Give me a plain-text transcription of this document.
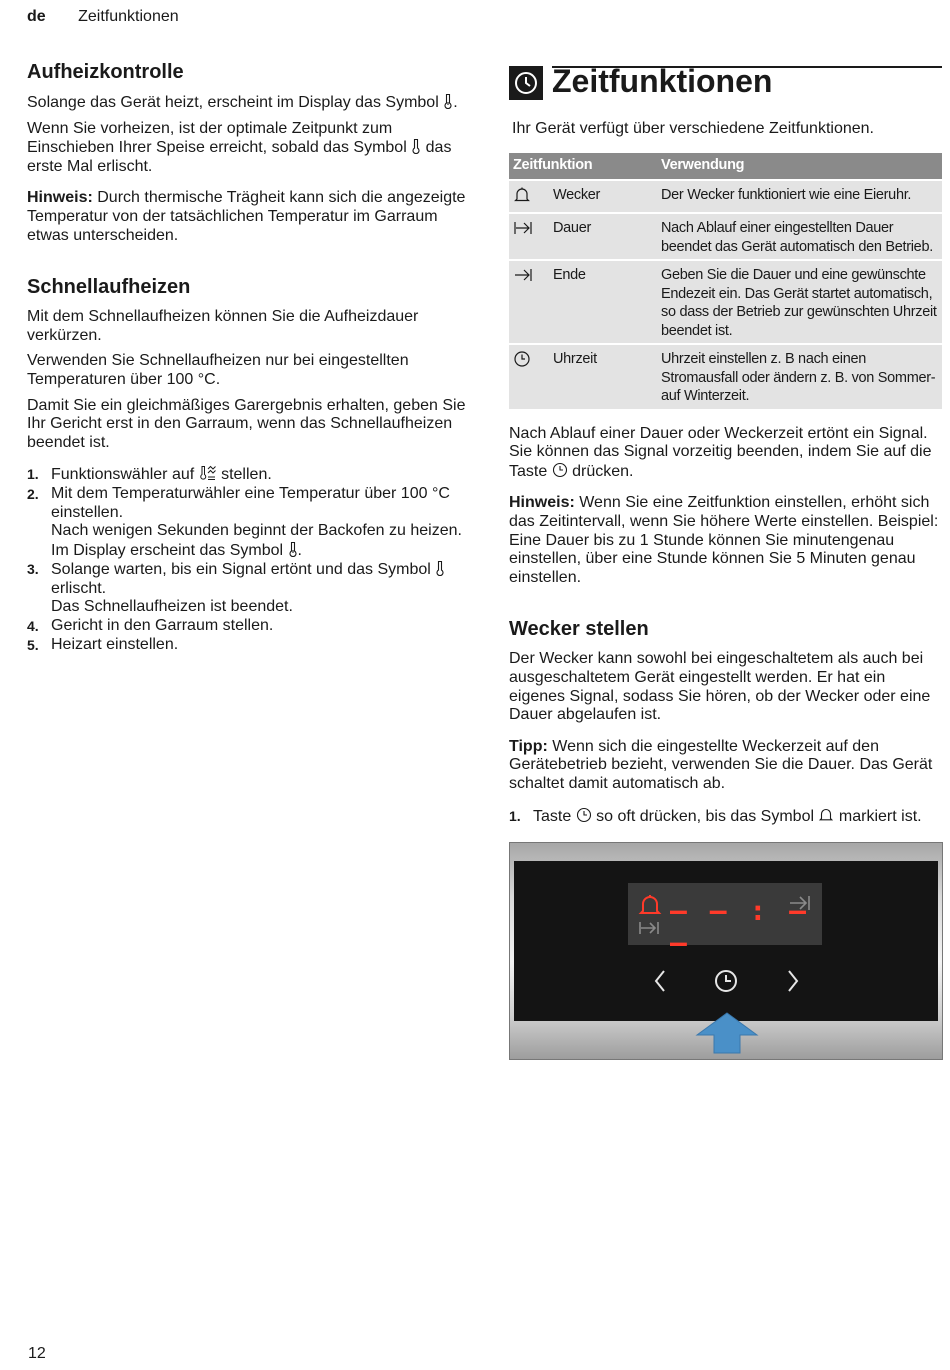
de Zeitfunktionen
Aufheizkontrolle

Solange das Gerät heizt, erscheint im Display das Symbol
.

Wenn Sie vorheizen, ist der optimale Zeitpunkt zum Einschieben Ihrer Speise erreicht, sobald das Symbol
das erste Mal erlischt.

Hinweis: Durch thermische Trägheit kann sich die angezeigte Temperatur von der tatsächlichen Temperatur im Garraum etwas unterscheiden.

Schnellaufheizen

Mit dem Schnellaufheizen können Sie die Aufheizdauer verkürzen.

Verwenden Sie Schnellaufheizen nur bei eingestellten Temperaturen über 100 °C.

Damit Sie ein gleichmäßiges Garergebnis erhalten, geben Sie Ihr Gericht erst in den Garraum, wenn das Schnellaufheizen beendet ist.

1. Funktionswähler auf
stellen.
2. Mit dem Temperaturwähler eine Temperatur über 100 °C einstellen.
Nach wenigen Sekunden beginnt der Backofen zu heizen. Im Display erscheint das Symbol
.
3. Solange warten, bis ein Signal ertönt und das Symbol
erlischt.
Das Schnellaufheizen ist beendet.
4. Gericht in den Garraum stellen.
5. Heizart einstellen.
Zeitfunktionen

Ihr Gerät verfügt über verschiedene Zeitfunktionen.

Zeitfunktion		Verwendung
	Wecker	Der Wecker funktioniert wie eine Eieruhr.
	Dauer	Nach Ablauf einer eingestellten Dauer beendet das Gerät automatisch den Betrieb.
	Ende	Geben Sie die Dauer und eine gewünschte Endezeit ein. Das Gerät startet automatisch, so dass der Betrieb zur gewünschten Uhrzeit beendet ist.
	Uhrzeit	Uhrzeit einstellen z. B nach einen Stromausfall oder ändern z. B. von Sommer- auf Winterzeit.

Nach Ablauf einer Dauer oder Weckerzeit ertönt ein Signal. Sie können das Signal vorzeitig beenden, indem Sie auf die Taste
drücken.

Hinweis: Wenn Sie eine Zeitfunktion einstellen, erhöht sich das Zeitintervall, wenn Sie höhere Werte einstellen. Beispiel: Eine Dauer bis zu 1 Stunde können Sie minutengenau einstellen, über eine Stunde können Sie 5 Minuten genau einstellen.

Wecker stellen

Der Wecker kann sowohl bei eingeschaltetem als auch bei ausgeschaltetem Gerät eingestellt werden. Er hat ein eigenes Signal, sodass Sie hören, ob der Wecker oder eine Dauer abgelaufen ist.

Tipp: Wenn sich die eingestellte Weckerzeit auf den Gerätebetrieb bezieht, verwenden Sie die Dauer. Das Gerät schaltet damit automatisch ab.

1. Taste
so oft drücken, bis das Symbol
markiert ist.
– – : – –
12
